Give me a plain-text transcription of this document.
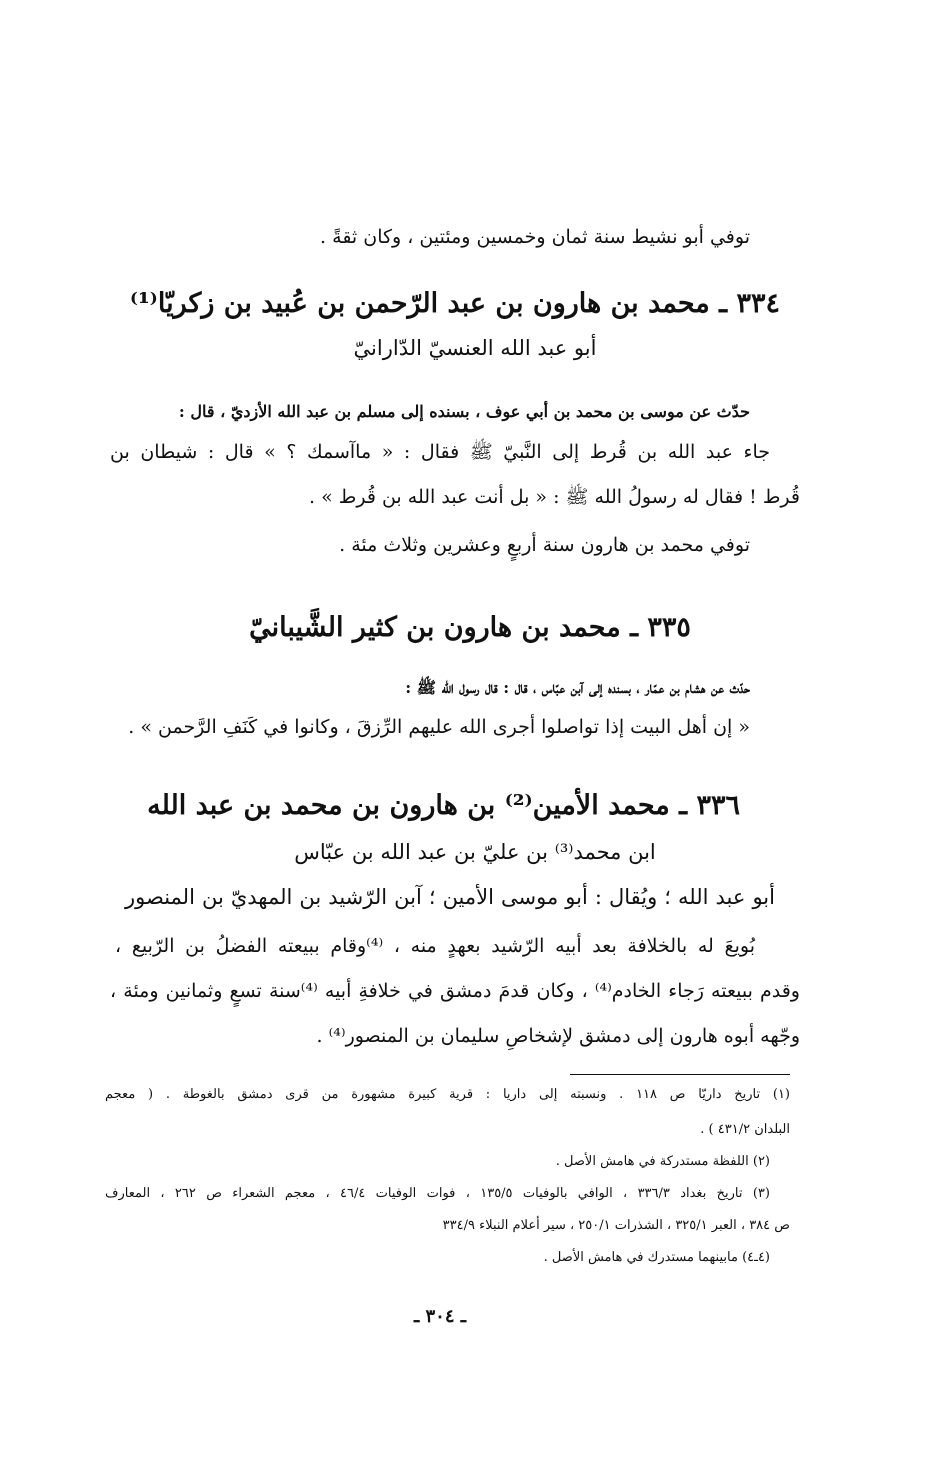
توفي أبو نشيط سنة ثمان وخمسين ومئتين ، وكان ثقةً .
٣٣٤ ـ محمد بن هارون بن عبد الرّحمن بن عُبيد بن زكريّا⁽¹⁾
أبو عبد الله العنسيّ الدّارانيّ
حدّث عن موسى بن محمد بن أبي عوف ، بسنده إلى مسلم بن عبد الله الأزديّ ، قال :
جاء عبد الله بن قُرط إلى النَّبيّ ﷺ فقال : « ماآسمك ؟ » قال : شيطان بن
قُرط ! فقال له رسولُ الله ﷺ : « بل أنت عبد الله بن قُرط » .
توفي محمد بن هارون سنة أربعٍ وعشرين وثلاث مئة .
٣٣٥ ـ محمد بن هارون بن كثير الشَّيبانيّ
حدّث عن هشام بن عمّار ، بسنده إلى آبن عبّاس ، قال : قال رسول الله ﷺ :
« إن أهل البيت إذا تواصلوا أجرى الله عليهم الرِّزقَ ، وكانوا في كَنَفِ الرَّحمن » .
٣٣٦ ـ محمد الأمين⁽²⁾ بن هارون بن محمد بن عبد الله
ابن محمد⁽³⁾ بن عليّ بن عبد الله بن عبّاس
أبو عبد الله ؛ ويُقال : أبو موسى الأمين ؛ آبن الرّشيد بن المهديّ بن المنصور
بُويعَ له بالخلافة بعد أبيه الرّشيد بعهدٍ منه ، ⁽⁴⁾وقام ببيعته الفضلُ بن الرّبيع ،
وقدم ببيعته رَجاء الخادم⁽⁴⁾ ، وكان قدمَ دمشق في خلافةِ أبيه ⁽⁴⁾سنة تسعٍ وثمانين ومئة ،
وجّهه أبوه هارون إلى دمشق لإشخاصِ سليمان بن المنصور⁽⁴⁾ .
(١) تاريخ داريّا ص ١١٨ . ونسبته إلى داريا : قرية كبيرة مشهورة من قرى دمشق بالغوطة . ( معجم
البلدان ٤٣١/٢ ) .
(٢) اللفظة مستدركة في هامش الأصل .
(٣) تاريخ بغداد ٣٣٦/٣ ، الوافي بالوفيات ١٣٥/٥ ، فوات الوفيات ٤٦/٤ ، معجم الشعراء ص ٢٦٢ ، المعارف
ص ٣٨٤ ، العبر ٣٢٥/١ ، الشذرات ٢٥٠/١ ، سير أعلام النبلاء ٣٣٤/٩
(٤ـ٤) مابينهما مستدرك في هامش الأصل .
ـ ٣٠٤ ـ
